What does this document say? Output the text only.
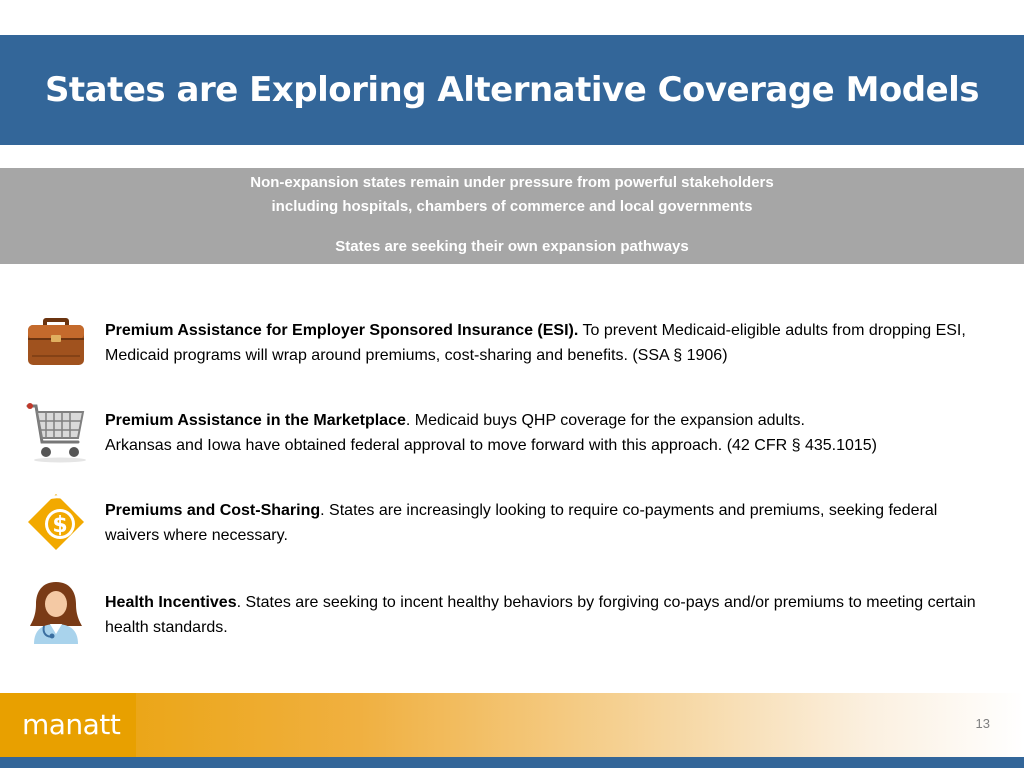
States are Exploring Alternative Coverage Models
Non-expansion states remain under pressure from powerful stakeholders
including hospitals, chambers of commerce and local governments
States are seeking their own expansion pathways
Premium Assistance for Employer Sponsored Insurance (ESI). To prevent Medicaid-eligible adults from dropping ESI, Medicaid programs will wrap around premiums, cost-sharing and benefits. (SSA § 1906)
Premium Assistance in the Marketplace. Medicaid buys QHP coverage for the expansion adults.
Arkansas and Iowa have obtained federal approval to move forward with this approach. (42 CFR § 435.1015)
$
Premiums and Cost-Sharing. States are increasingly looking to require co-payments and premiums, seeking federal waivers where necessary.
Health Incentives. States are seeking to incent healthy behaviors by forgiving co-pays and/or premiums to meeting certain health standards.
manatt	13
